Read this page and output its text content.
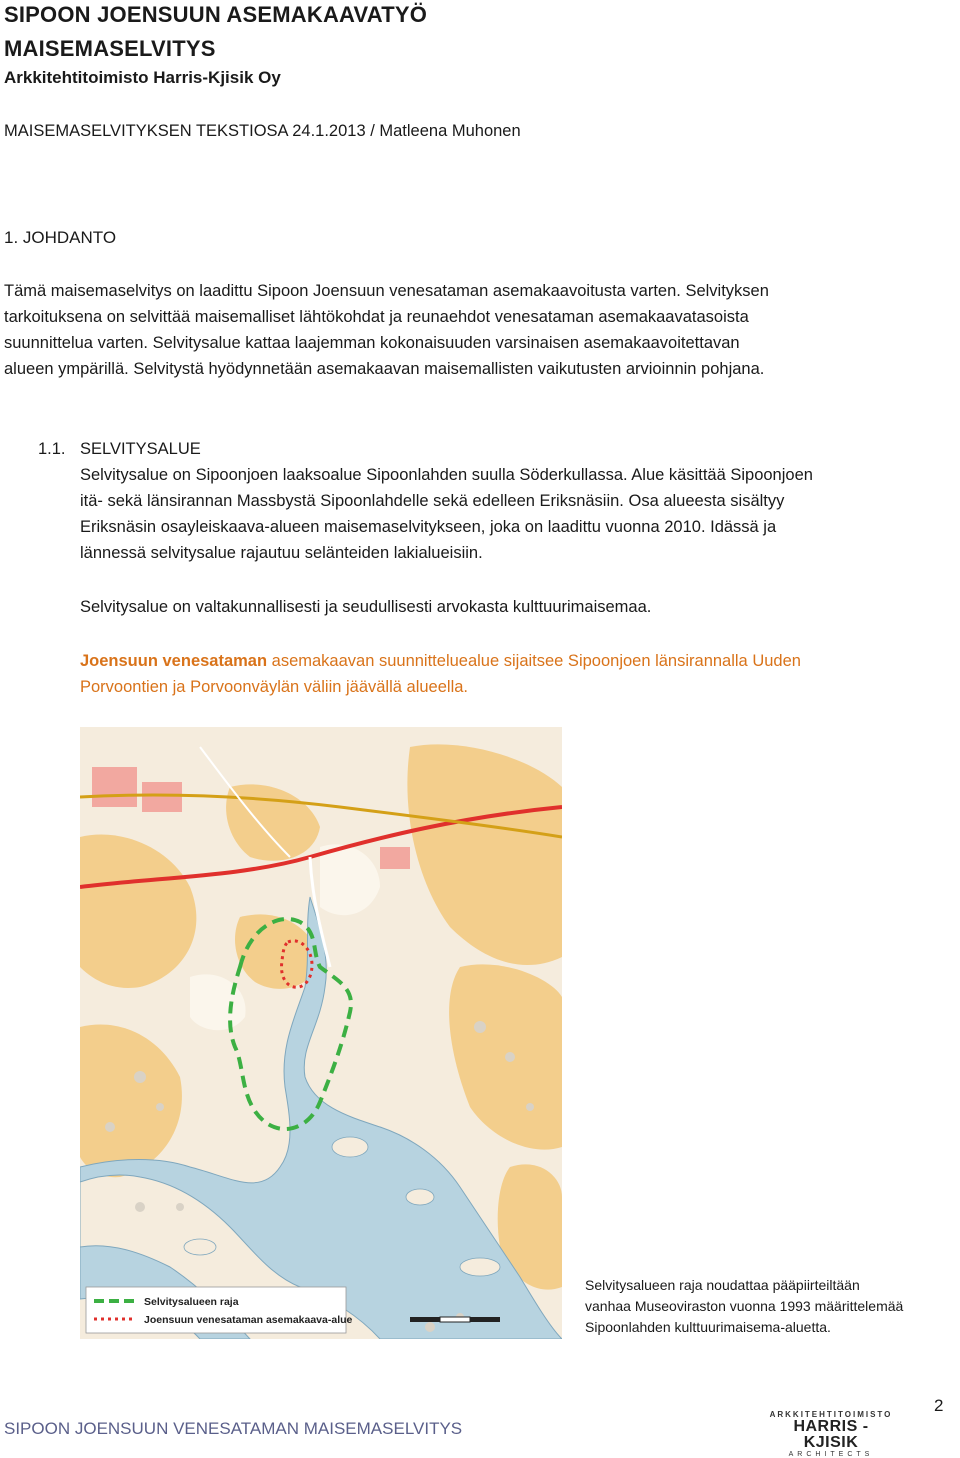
SIPOON JOENSUUN ASEMAKAAVATYÖ
MAISEMASELVITYS
Arkkitehtitoimisto Harris-Kjisik Oy
MAISEMASELVITYKSEN TEKSTIOSA 24.1.2013 / Matleena Muhonen
1. JOHDANTO
Tämä maisemaselvitys on laadittu Sipoon Joensuun venesataman asemakaavoitusta varten. Selvityksen
tarkoituksena on selvittää maisemalliset lähtökohdat ja reunaehdot venesataman asemakaavatasoista
suunnittelua varten. Selvitysalue kattaa laajemman kokonaisuuden varsinaisen asemakaavoitettavan
alueen ympärillä. Selvitystä hyödynnetään asemakaavan maisemallisten vaikutusten arvioinnin pohjana.
1.1. SELVITYSALUE
Selvitysalue on Sipoonjoen laaksoalue Sipoonlahden suulla Söderkullassa. Alue käsittää Sipoonjoen
itä- sekä länsirannan Massbystä Sipoonlahdelle sekä edelleen Eriksnäsiin. Osa alueesta sisältyy
Eriksnäsin osayleiskaava-alueen maisemaselvitykseen, joka on laadittu vuonna 2010. Idässä ja
lännessä selvitysalue rajautuu selänteiden lakialueisiin.
Selvitysalue on valtakunnallisesti ja seudullisesti arvokasta kulttuurimaisemaa.
Joensuun venesataman asemakaavan suunnitteluealue sijaitsee Sipoonjoen länsirannalla Uuden
Porvoontien ja Porvoonväylän väliin jäävällä alueella.
Selvitysalueen raja
Joensuun venesataman asemakaava-alue
Selvitysalueen raja noudattaa pääpiirteiltään
vanhaa Museoviraston vuonna 1993 määrittelemää
Sipoonlahden kulttuurimaisema-aluetta.
SIPOON JOENSUUN VENESATAMAN MAISEMASELVITYS
2
ARKKITEHTITOIMISTO
HARRIS - KJISIK
ARCHITECTS
